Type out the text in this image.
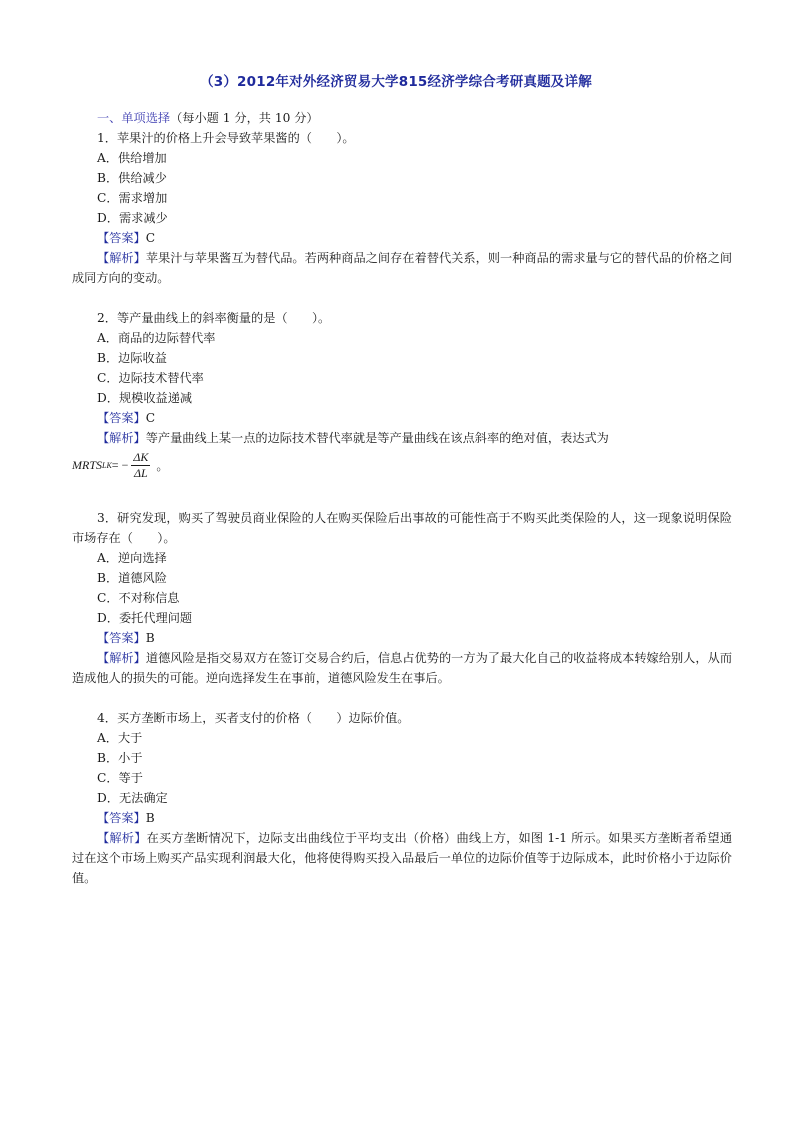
（3）2012年对外经济贸易大学815经济学综合考研真题及详解
一、单项选择（每小题 1 分，共 10 分）
1．苹果汁的价格上升会导致苹果酱的（　　）。
A．供给增加
B．供给减少
C．需求增加
D．需求减少
【答案】C
【解析】苹果汁与苹果酱互为替代品。若两种商品之间存在着替代关系，则一种商品的需求量与它的替代品的价格之间成同方向的变动。
2．等产量曲线上的斜率衡量的是（　　）。
A．商品的边际替代率
B．边际收益
C．边际技术替代率
D．规模收益递减
【答案】C
【解析】等产量曲线上某一点的边际技术替代率就是等产量曲线在该点斜率的绝对值，表达式为
MRTS LK = − $\frac{\Delta K}{\Delta L}$ 。
3．研究发现，购买了驾驶员商业保险的人在购买保险后出事故的可能性高于不购买此类保险的人，这一现象说明保险市场存在（　　）。
A．逆向选择
B．道德风险
C．不对称信息
D．委托代理问题
【答案】B
【解析】道德风险是指交易双方在签订交易合约后，信息占优势的一方为了最大化自己的收益将成本转嫁给别人，从而造成他人的损失的可能。逆向选择发生在事前，道德风险发生在事后。
4．买方垄断市场上，买者支付的价格（　　）边际价值。
A．大于
B．小于
C．等于
D．无法确定
【答案】B
【解析】在买方垄断情况下，边际支出曲线位于平均支出（价格）曲线上方，如图 1-1 所示。如果买方垄断者希望通过在这个市场上购买产品实现利润最大化，他将使得购买投入品最后一单位的边际价值等于边际成本，此时价格小于边际价值。
